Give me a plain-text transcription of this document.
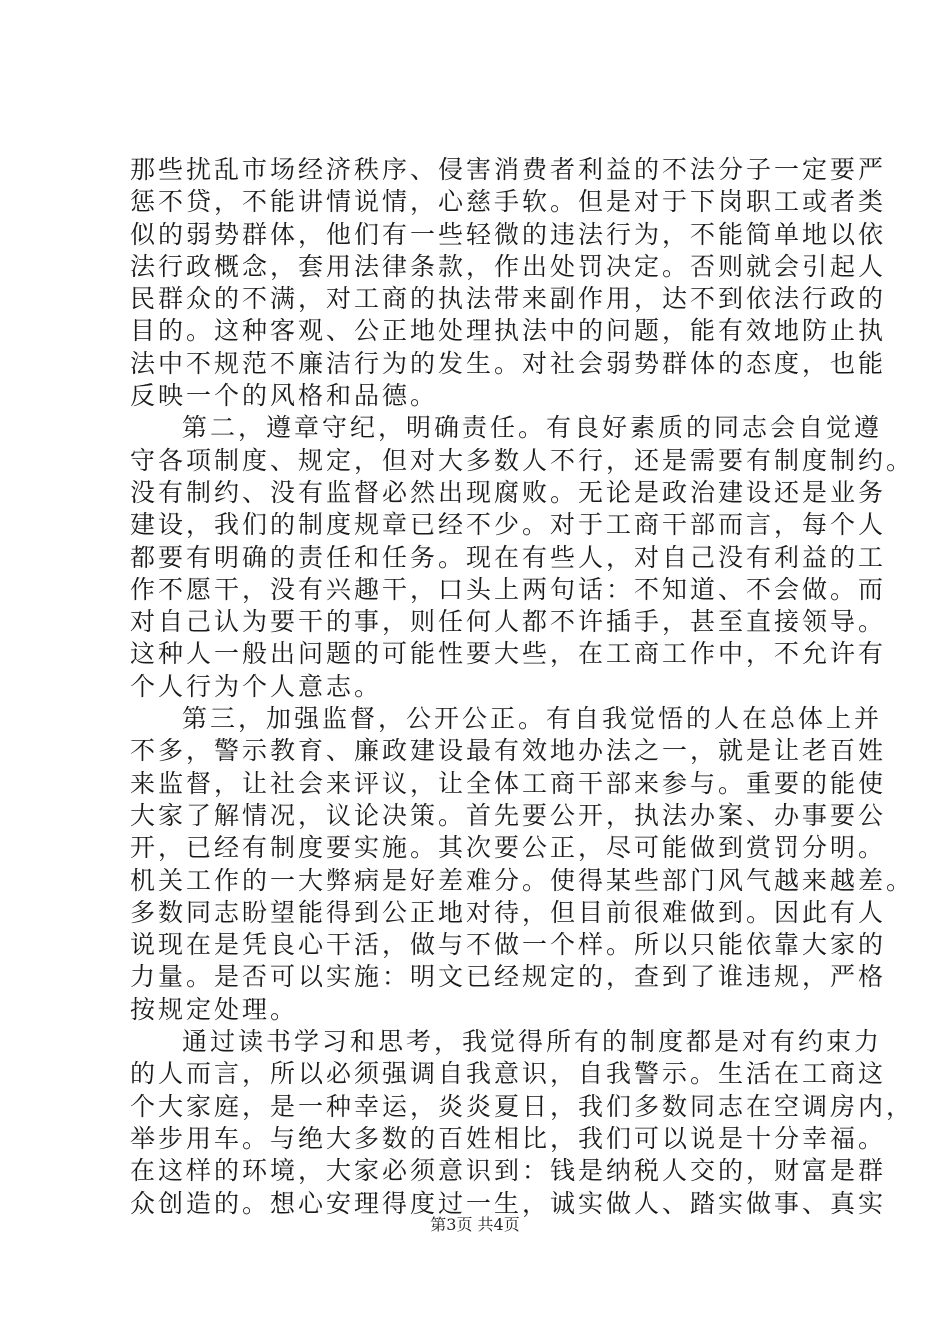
那些扰乱市场经济秩序、侵害消费者利益的不法分子一定要严
惩不贷，不能讲情说情，心慈手软。但是对于下岗职工或者类
似的弱势群体，他们有一些轻微的违法行为，不能简单地以依
法行政概念，套用法律条款，作出处罚决定。否则就会引起人
民群众的不满，对工商的执法带来副作用，达不到依法行政的
目的。这种客观、公正地处理执法中的问题，能有效地防止执
法中不规范不廉洁行为的发生。对社会弱势群体的态度，也能
反映一个的风格和品德。
第二，遵章守纪，明确责任。有良好素质的同志会自觉遵
守各项制度、规定，但对大多数人不行，还是需要有制度制约。
没有制约、没有监督必然出现腐败。无论是政治建设还是业务
建设，我们的制度规章已经不少。对于工商干部而言，每个人
都要有明确的责任和任务。现在有些人，对自己没有利益的工
作不愿干，没有兴趣干，口头上两句话：不知道、不会做。而
对自己认为要干的事，则任何人都不许插手，甚至直接领导。
这种人一般出问题的可能性要大些，在工商工作中，不允许有
个人行为个人意志。
第三，加强监督，公开公正。有自我觉悟的人在总体上并
不多，警示教育、廉政建设最有效地办法之一，就是让老百姓
来监督，让社会来评议，让全体工商干部来参与。重要的能使
大家了解情况，议论决策。首先要公开，执法办案、办事要公
开，已经有制度要实施。其次要公正，尽可能做到赏罚分明。
机关工作的一大弊病是好差难分。使得某些部门风气越来越差。
多数同志盼望能得到公正地对待，但目前很难做到。因此有人
说现在是凭良心干活，做与不做一个样。所以只能依靠大家的
力量。是否可以实施：明文已经规定的，查到了谁违规，严格
按规定处理。
通过读书学习和思考，我觉得所有的制度都是对有约束力
的人而言，所以必须强调自我意识，自我警示。生活在工商这
个大家庭，是一种幸运，炎炎夏日，我们多数同志在空调房内，
举步用车。与绝大多数的百姓相比，我们可以说是十分幸福。
在这样的环境，大家必须意识到：钱是纳税人交的，财富是群
众创造的。想心安理得度过一生，诚实做人、踏实做事、真实
第3页 共4页
